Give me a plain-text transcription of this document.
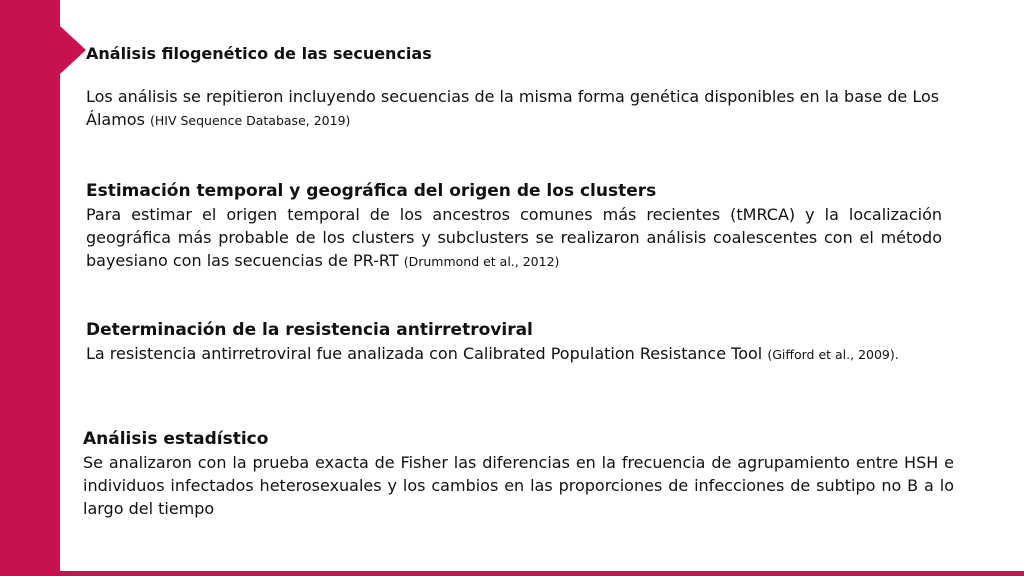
Análisis filogenético de las secuencias

Los análisis se repitieron incluyendo secuencias de la misma forma genética disponibles en la base de Los Álamos (HIV Sequence Database, 2019)

Estimación temporal y geográfica del origen de los clusters

Para estimar el origen temporal de los ancestros comunes más recientes (tMRCA) y la localización geográfica más probable de los clusters y subclusters se realizaron análisis coalescentes con el método bayesiano con las secuencias de PR-RT (Drummond et al., 2012)

Determinación de la resistencia antirretroviral

La resistencia antirretroviral fue analizada con Calibrated Population Resistance Tool (Gifford et al., 2009).

Análisis estadístico

Se analizaron con la prueba exacta de Fisher las diferencias en la frecuencia de agrupamiento entre HSH e individuos infectados heterosexuales y los cambios en las proporciones de infecciones de subtipo no B a lo largo del tiempo
